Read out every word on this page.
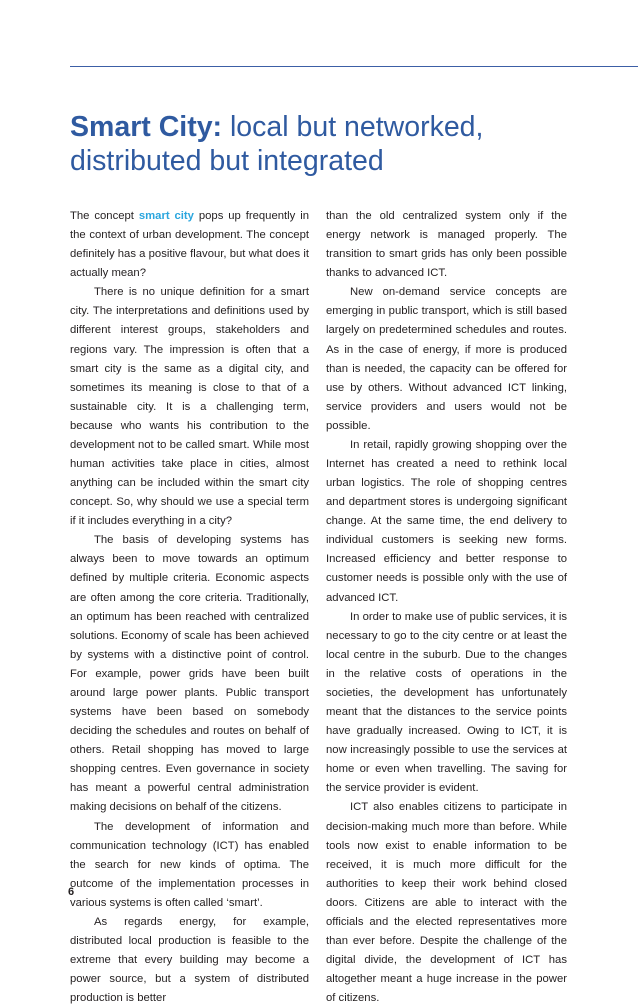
Smart City: local but networked, distributed but integrated

The concept smart city pops up frequently in the context of urban development. The concept definitely has a positive flavour, but what does it actually mean?

There is no unique definition for a smart city. The interpretations and definitions used by different interest groups, stakeholders and regions vary. The impression is often that a smart city is the same as a digital city, and sometimes its meaning is close to that of a sustainable city. It is a challenging term, because who wants his contribution to the development not to be called smart. While most human activities take place in cities, almost anything can be included within the smart city concept. So, why should we use a special term if it includes everything in a city?

The basis of developing systems has always been to move towards an optimum defined by multiple criteria. Economic aspects are often among the core criteria. Traditionally, an optimum has been reached with centralized solutions. Economy of scale has been achieved by systems with a distinctive point of control. For example, power grids have been built around large power plants. Public transport systems have been based on somebody deciding the schedules and routes on behalf of others. Retail shopping has moved to large shopping centres. Even governance in society has meant a powerful central administration making decisions on behalf of the citizens.

The development of information and communication technology (ICT) has enabled the search for new kinds of optima. The outcome of the implementation processes in various systems is often called ‘smart’.

As regards energy, for example, distributed local production is feasible to the extreme that every building may become a power source, but a system of distributed production is better

than the old centralized system only if the energy network is managed properly. The transition to smart grids has only been possible thanks to advanced ICT.

New on-demand service concepts are emerging in public transport, which is still based largely on predetermined schedules and routes. As in the case of energy, if more is produced than is needed, the capacity can be offered for use by others. Without advanced ICT linking, service providers and users would not be possible.

In retail, rapidly growing shopping over the Internet has created a need to rethink local urban logistics. The role of shopping centres and department stores is undergoing significant change. At the same time, the end delivery to individual customers is seeking new forms. Increased efficiency and better response to customer needs is possible only with the use of advanced ICT.

In order to make use of public services, it is necessary to go to the city centre or at least the local centre in the suburb. Due to the changes in the relative costs of operations in the societies, the development has unfortunately meant that the distances to the service points have gradually increased. Owing to ICT, it is now increasingly possible to use the services at home or even when travelling. The saving for the service provider is evident.

ICT also enables citizens to participate in decision-making much more than before. While tools now exist to enable information to be received, it is much more difficult for the authorities to keep their work behind closed doors. Citizens are able to interact with the officials and the elected representatives more than ever before. Despite the challenge of the digital divide, the development of ICT has altogether meant a huge increase in the power of citizens.

6
